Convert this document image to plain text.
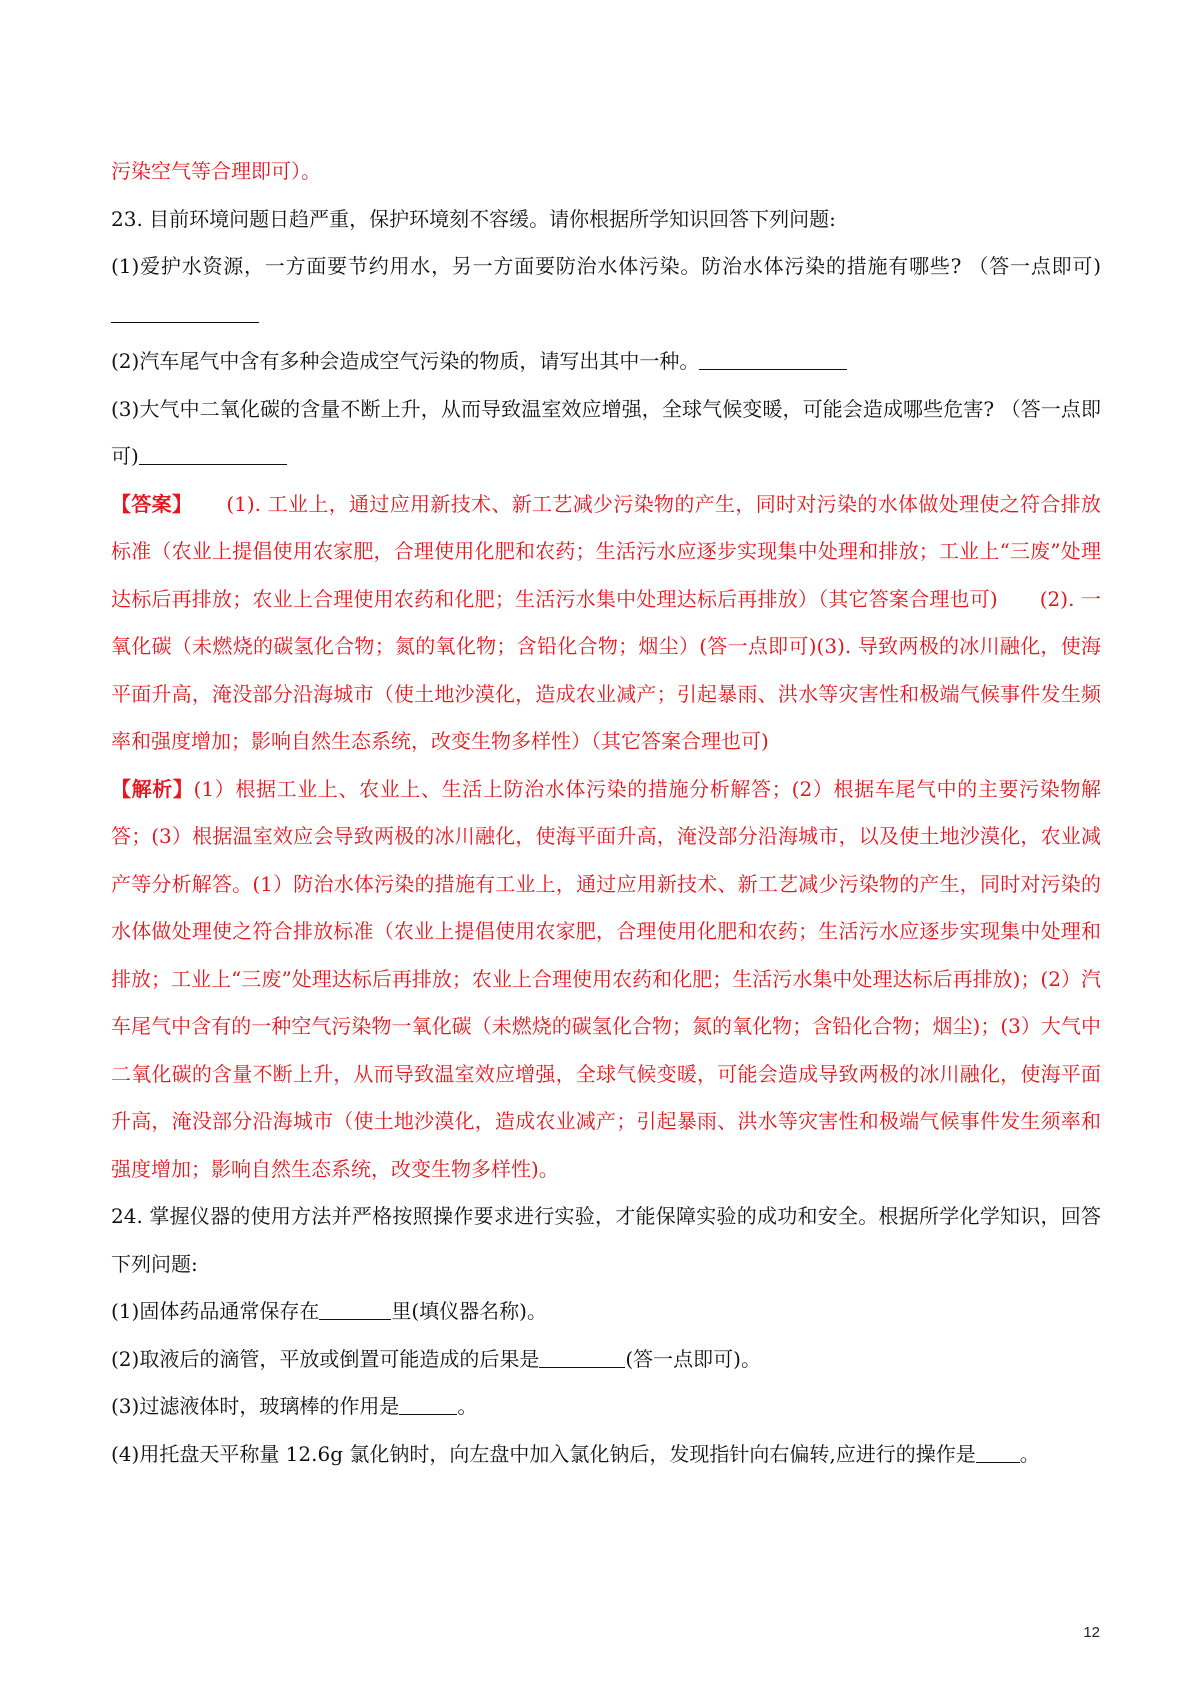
污染空气等合理即可）。

23. 目前环境问题日趋严重，保护环境刻不容缓。请你根据所学知识回答下列问题:

(1)爱护水资源，一方面要节约用水，另一方面要防治水体污染。防治水体污染的措施有哪些? （答一点即可)

(2)汽车尾气中含有多种会造成空气污染的物质，请写出其中一种。

(3)大气中二氧化碳的含量不断上升，从而导致温室效应增强，全球气候变暖，可能会造成哪些危害? （答一点即可)

【答案】 (1). 工业上，通过应用新技术、新工艺减少污染物的产生，同时对污染的水体做处理使之符合排放标准（农业上提倡使用农家肥，合理使用化肥和农药；生活污水应逐步实现集中处理和排放；工业上“三废”处理达标后再排放；农业上合理使用农药和化肥；生活污水集中处理达标后再排放）（其它答案合理也可) (2). 一氧化碳（未燃烧的碳氢化合物；氮的氧化物；含铅化合物；烟尘）(答一点即可)(3). 导致两极的冰川融化，使海平面升高，淹没部分沿海城市（使土地沙漠化，造成农业减产；引起暴雨、洪水等灾害性和极端气候事件发生频率和强度增加；影响自然生态系统，改变生物多样性）（其它答案合理也可)

【解析】(1）根据工业上、农业上、生活上防治水体污染的措施分析解答；(2）根据车尾气中的主要污染物解答；(3）根据温室效应会导致两极的冰川融化，使海平面升高，淹没部分沿海城市，以及使土地沙漠化，农业减产等分析解答。(1）防治水体污染的措施有工业上，通过应用新技术、新工艺减少污染物的产生，同时对污染的水体做处理使之符合排放标准（农业上提倡使用农家肥，合理使用化肥和农药；生活污水应逐步实现集中处理和排放；工业上“三废”处理达标后再排放；农业上合理使用农药和化肥；生活污水集中处理达标后再排放)；(2）汽车尾气中含有的一种空气污染物一氧化碳（未燃烧的碳氢化合物；氮的氧化物；含铅化合物；烟尘)；(3）大气中二氧化碳的含量不断上升，从而导致温室效应增强，全球气候变暖，可能会造成导致两极的冰川融化，使海平面升高，淹没部分沿海城市（使土地沙漠化，造成农业减产；引起暴雨、洪水等灾害性和极端气候事件发生须率和强度增加；影响自然生态系统，改变生物多样性)。

24. 掌握仪器的使用方法并严格按照操作要求进行实验，才能保障实验的成功和安全。根据所学化学知识，回答下列问题:

(1)固体药品通常保存在	里(填仪器名称)。

(2)取液后的滴管，平放或倒置可能造成的后果是	(答一点即可)。

(3)过滤液体时，玻璃棒的作用是	。

(4)用托盘天平称量 12.6g 氯化钠时，向左盘中加入氯化钠后，发现指针向右偏转,应进行的操作是 。

12
